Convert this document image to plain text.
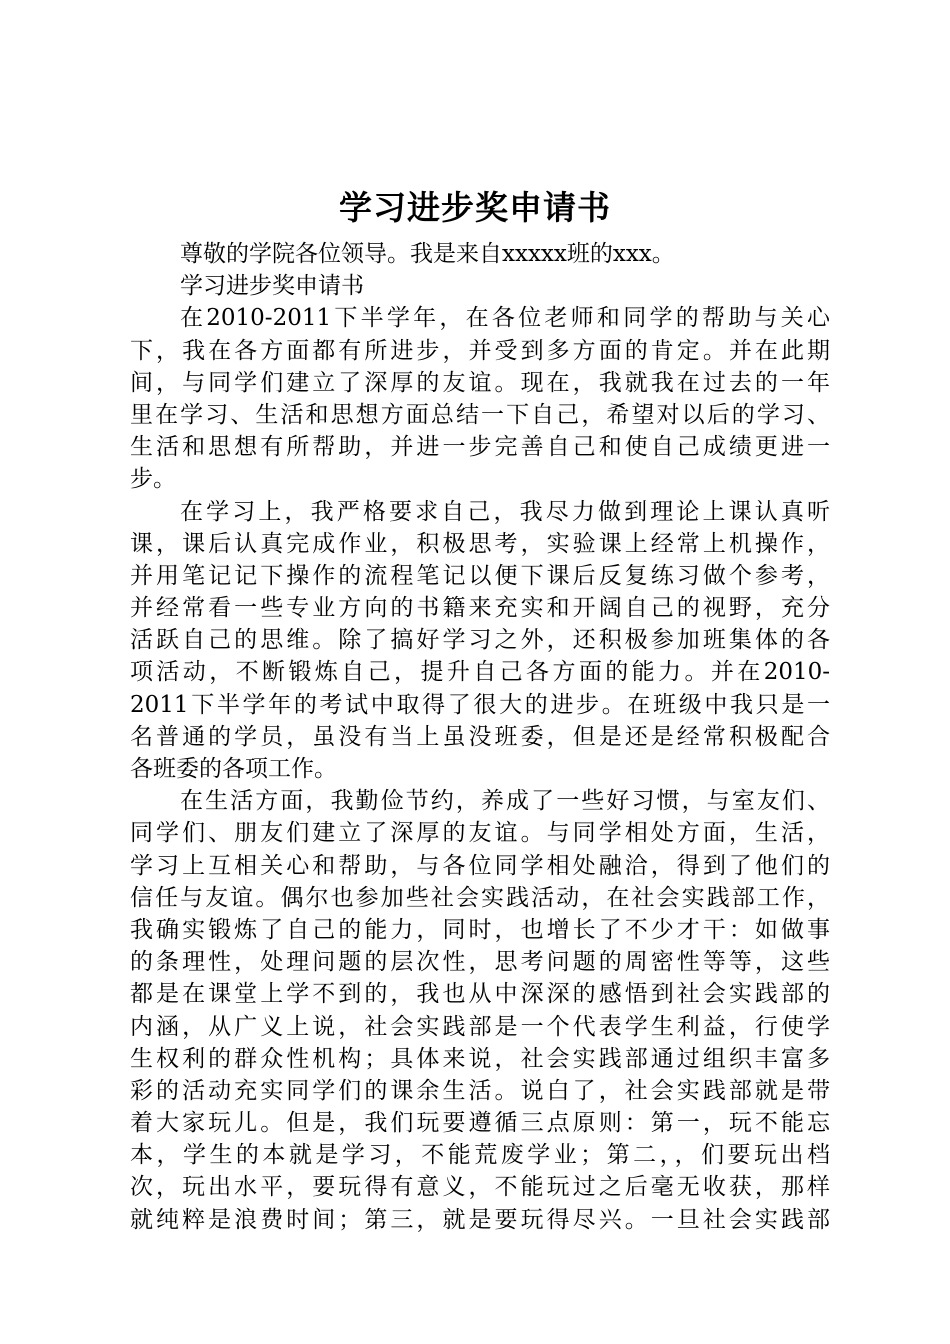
学习进步奖申请书

尊敬的学院各位领导。我是来自xxxxx班的xxx。

学习进步奖申请书

在2010-2011下半学年，在各位老师和同学的帮助与关心

下，我在各方面都有所进步，并受到多方面的肯定。并在此期

间，与同学们建立了深厚的友谊。现在，我就我在过去的一年

里在学习、生活和思想方面总结一下自己，希望对以后的学习、

生活和思想有所帮助，并进一步完善自己和使自己成绩更进一

步。

在学习上，我严格要求自己，我尽力做到理论上课认真听

课，课后认真完成作业，积极思考，实验课上经常上机操作，

并用笔记记下操作的流程笔记以便下课后反复练习做个参考，

并经常看一些专业方向的书籍来充实和开阔自己的视野，充分

活跃自己的思维。除了搞好学习之外，还积极参加班集体的各

项活动，不断锻炼自己，提升自己各方面的能力。并在2010-

2011下半学年的考试中取得了很大的进步。在班级中我只是一

名普通的学员，虽没有当上虽没班委，但是还是经常积极配合

各班委的各项工作。

在生活方面，我勤俭节约，养成了一些好习惯，与室友们、

同学们、朋友们建立了深厚的友谊。与同学相处方面，生活，

学习上互相关心和帮助，与各位同学相处融洽，得到了他们的

信任与友谊。偶尔也参加些社会实践活动，在社会实践部工作，

我确实锻炼了自己的能力，同时，也增长了不少才干：如做事

的条理性，处理问题的层次性，思考问题的周密性等等，这些

都是在课堂上学不到的，我也从中深深的感悟到社会实践部的

内涵，从广义上说，社会实践部是一个代表学生利益，行使学

生权利的群众性机构；具体来说，社会实践部通过组织丰富多

彩的活动充实同学们的课余生活。说白了，社会实践部就是带

着大家玩儿。但是，我们玩要遵循三点原则：第一，玩不能忘

本，学生的本就是学习，不能荒废学业；第二，，们要玩出档

次，玩出水平，要玩得有意义，不能玩过之后毫无收获，那样

就纯粹是浪费时间；第三，就是要玩得尽兴。一旦社会实践部
